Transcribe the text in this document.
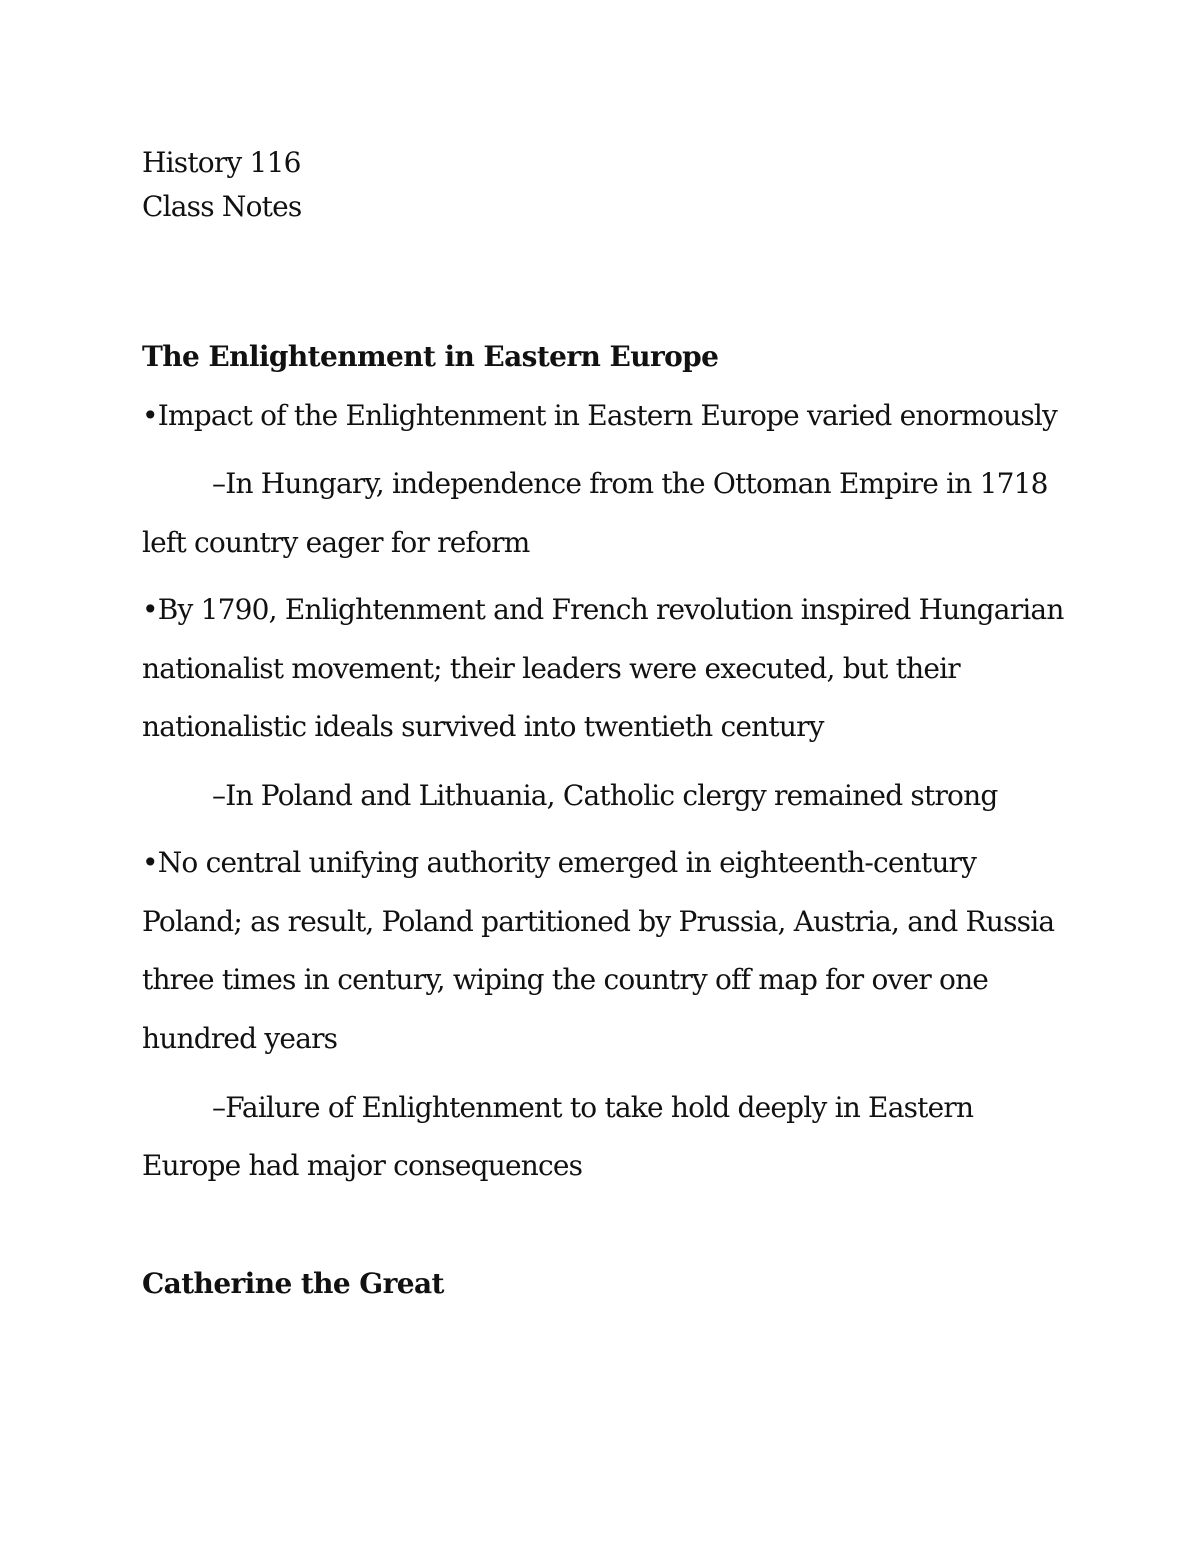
History 116
Class Notes
The Enlightenment in Eastern Europe
•Impact of the Enlightenment in Eastern Europe varied enormously
–In Hungary, independence from the Ottoman Empire in 1718
left country eager for reform
•By 1790, Enlightenment and French revolution inspired Hungarian
nationalist movement; their leaders were executed, but their
nationalistic ideals survived into twentieth century
–In Poland and Lithuania, Catholic clergy remained strong
•No central unifying authority emerged in eighteenth-century
Poland; as result, Poland partitioned by Prussia, Austria, and Russia
three times in century, wiping the country off map for over one
hundred years
–Failure of Enlightenment to take hold deeply in Eastern
Europe had major consequences
Catherine the Great
